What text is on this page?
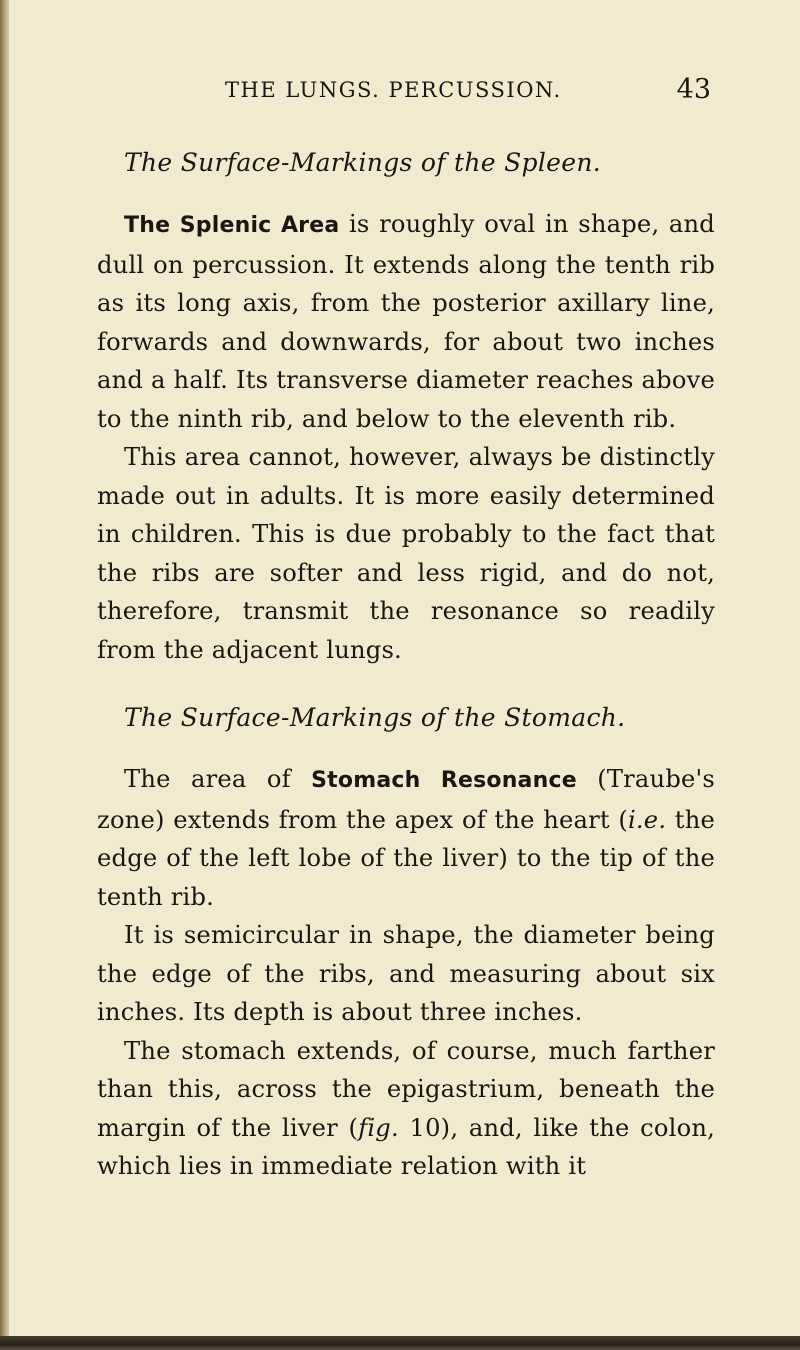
THE LUNGS. PERCUSSION.	43
The Surface-Markings of the Spleen.

The Splenic Area is roughly oval in shape, and dull on percussion. It extends along the tenth rib as its long axis, from the posterior axillary line, forwards and downwards, for about two inches and a half. Its transverse diameter reaches above to the ninth rib, and below to the eleventh rib.

This area cannot, however, always be distinctly made out in adults. It is more easily determined in children. This is due probably to the fact that the ribs are softer and less rigid, and do not, therefore, transmit the resonance so readily from the adjacent lungs.

The Surface-Markings of the Stomach.

The area of Stomach Resonance (Traube's zone) extends from the apex of the heart (i.e. the edge of the left lobe of the liver) to the tip of the tenth rib.

It is semicircular in shape, the diameter being the edge of the ribs, and measuring about six inches. Its depth is about three inches.

The stomach extends, of course, much farther than this, across the epigastrium, beneath the margin of the liver (fig. 10), and, like the colon, which lies in immediate relation with it
